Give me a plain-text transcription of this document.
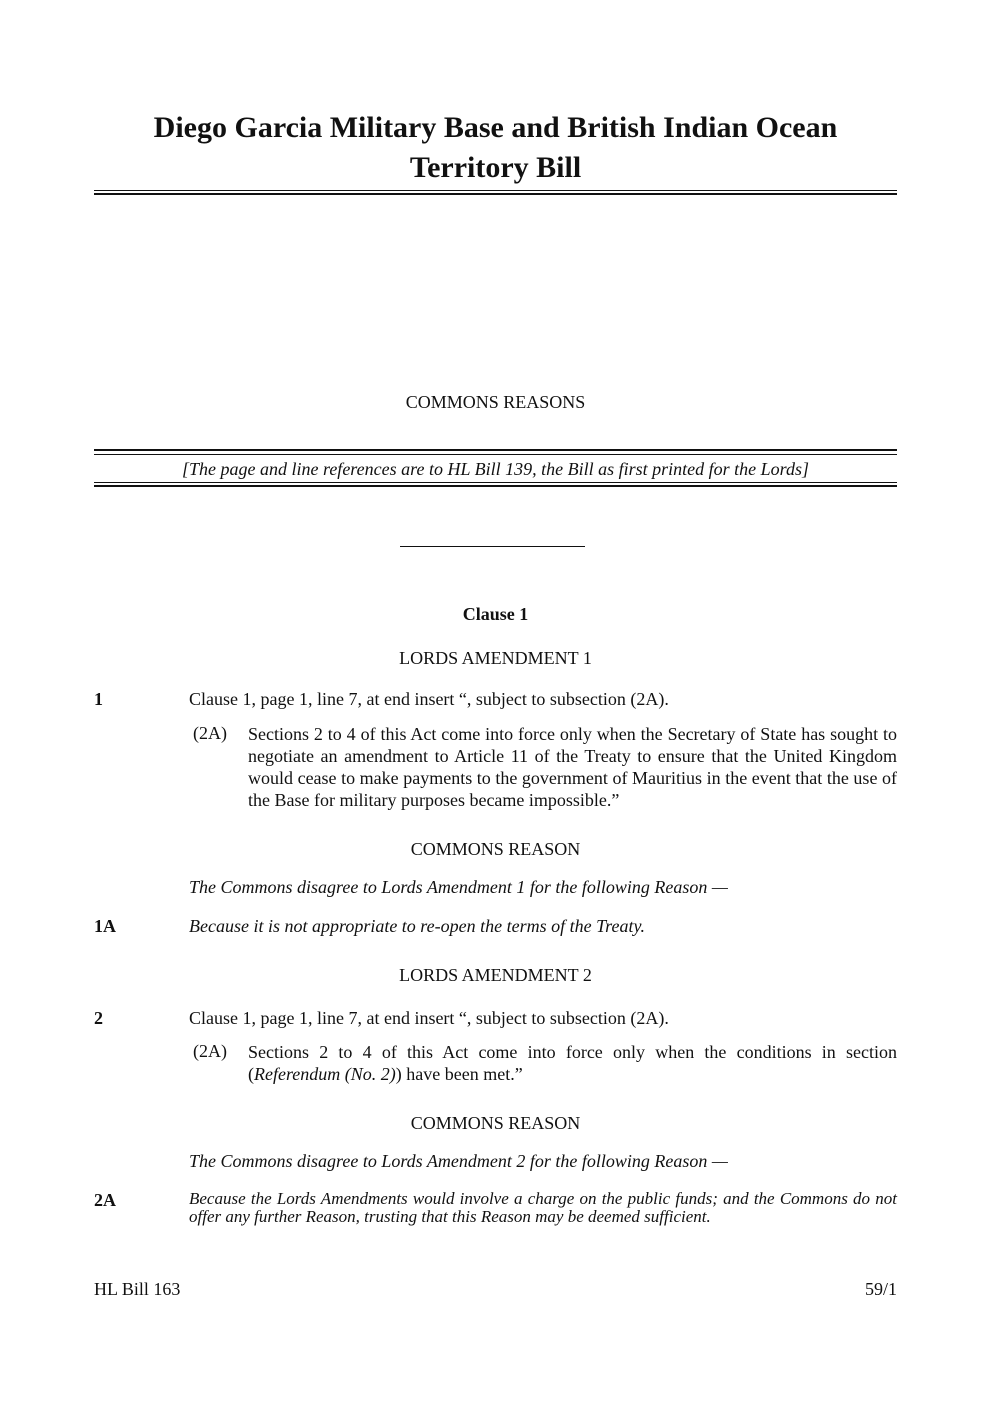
Diego Garcia Military Base and British Indian Ocean Territory Bill
COMMONS REASONS
[The page and line references are to HL Bill 139, the Bill as first printed for the Lords]
Clause 1
LORDS AMENDMENT 1
1	Clause 1, page 1, line 7, at end insert “, subject to subsection (2A).
(2A) Sections 2 to 4 of this Act come into force only when the Secretary of State has sought to negotiate an amendment to Article 11 of the Treaty to ensure that the United Kingdom would cease to make payments to the government of Mauritius in the event that the use of the Base for military purposes became impossible.”
COMMONS REASON
The Commons disagree to Lords Amendment 1 for the following Reason —
1A	Because it is not appropriate to re-open the terms of the Treaty.
LORDS AMENDMENT 2
2	Clause 1, page 1, line 7, at end insert “, subject to subsection (2A).
(2A) Sections 2 to 4 of this Act come into force only when the conditions in section (Referendum (No. 2)) have been met.”
COMMONS REASON
The Commons disagree to Lords Amendment 2 for the following Reason —
2A	Because the Lords Amendments would involve a charge on the public funds; and the Commons do not offer any further Reason, trusting that this Reason may be deemed sufficient.
HL Bill 163	59/1
